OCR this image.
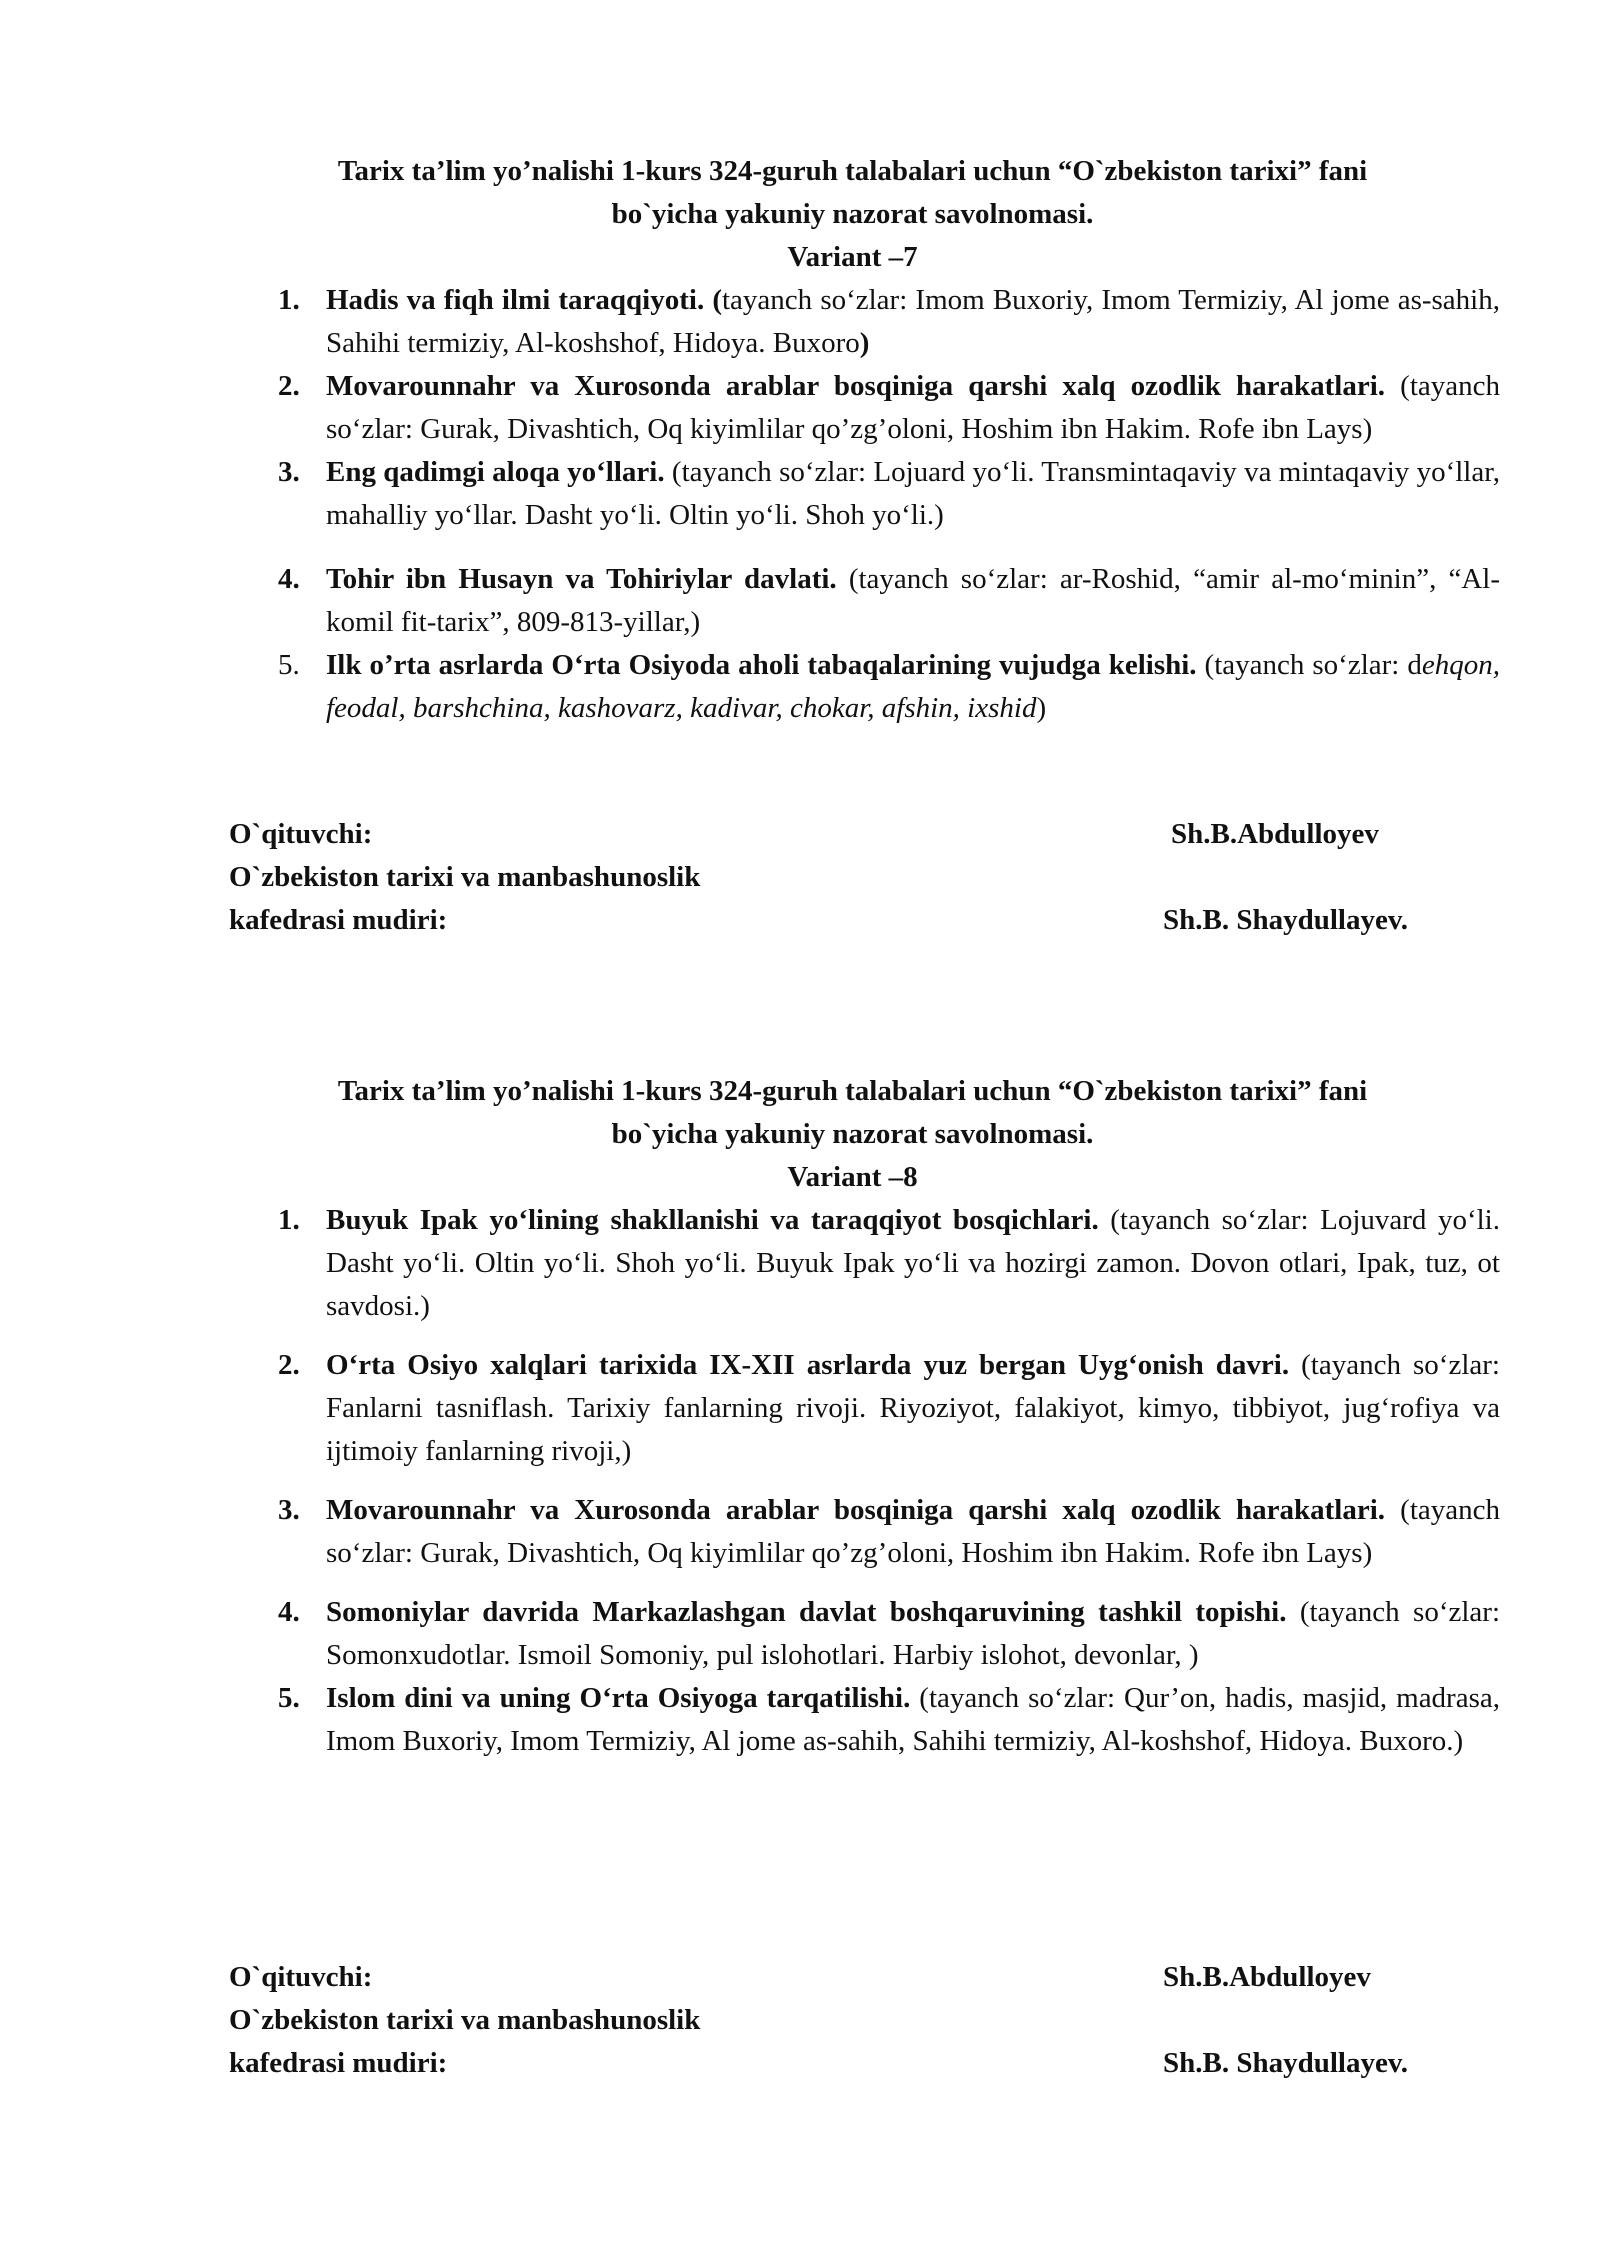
Tarix ta’lim yo’nalishi 1-kurs 324-guruh talabalari uchun “O`zbekiston tarixi” fani
bo`yicha yakuniy nazorat savolnomasi.
Variant –7
1. Hadis va fiqh ilmi taraqqiyoti. (tayanch so‘zlar: Imom Buxoriy, Imom Termiziy, Al jome as-sahih, Sahihi termiziy, Al-koshshof, Hidoya. Buxoro)
2. Movarounnahr va Xurosonda arablar bosqiniga qarshi xalq ozodlik harakatlari. (tayanch so‘zlar: Gurak, Divashtich, Oq kiyimlilar qo’zg’oloni, Hoshim ibn Hakim. Rofe ibn Lays)
3. Eng qadimgi aloqa yo‘llari. (tayanch so‘zlar: Lojuard yo‘li. Transmintaqaviy va mintaqaviy yo‘llar, mahalliy yo‘llar. Dasht yo‘li. Oltin yo‘li. Shoh yo‘li.)
4. Tohir ibn Husayn va Tohiriylar davlati. (tayanch so‘zlar: ar-Roshid, “amir al-mo‘minin”, “Al-komil fit-tarix”, 809-813-yillar,)
5. Ilk o’rta asrlarda O‘rta Osiyoda aholi tabaqalarining vujudga kelishi. (tayanch so‘zlar: dehqon, feodal, barshchina, kashovarz, kadivar, chokar, afshin, ixshid)
O`qituvchi:	Sh.B.Abdulloyev
O`zbekiston tarixi va manbashunoslik
kafedrasi mudiri:	Sh.B. Shaydullayev.
Tarix ta’lim yo’nalishi 1-kurs 324-guruh talabalari uchun “O`zbekiston tarixi” fani
bo`yicha yakuniy nazorat savolnomasi.
Variant –8
1. Buyuk Ipak yo‘lining shakllanishi va taraqqiyot bosqichlari. (tayanch so‘zlar: Lojuvard yo‘li. Dasht yo‘li. Oltin yo‘li. Shoh yo‘li. Buyuk Ipak yo‘li va hozirgi zamon. Dovon otlari, Ipak, tuz, ot savdosi.)
2. O‘rta Osiyo xalqlari tarixida IX-XII asrlarda yuz bergan Uyg‘onish davri. (tayanch so‘zlar: Fanlarni tasniflash. Tarixiy fanlarning rivoji. Riyoziyot, falakiyot, kimyo, tibbiyot, jug‘rofiya va ijtimoiy fanlarning rivoji,)
3. Movarounnahr va Xurosonda arablar bosqiniga qarshi xalq ozodlik harakatlari. (tayanch so‘zlar: Gurak, Divashtich, Oq kiyimlilar qo’zg’oloni, Hoshim ibn Hakim. Rofe ibn Lays)
4. Somoniylar davrida Markazlashgan davlat boshqaruvining tashkil topishi. (tayanch so‘zlar: Somonxudotlar. Ismoil Somoniy, pul islohotlari. Harbiy islohot, devonlar, )
5. Islom dini va uning O‘rta Osiyoga tarqatilishi. (tayanch so‘zlar: Qur’on, hadis, masjid, madrasa, Imom Buxoriy, Imom Termiziy, Al jome as-sahih, Sahihi termiziy, Al-koshshof, Hidoya. Buxoro.)
O`qituvchi:	Sh.B.Abdulloyev
O`zbekiston tarixi va manbashunoslik
kafedrasi mudiri:	Sh.B. Shaydullayev.
